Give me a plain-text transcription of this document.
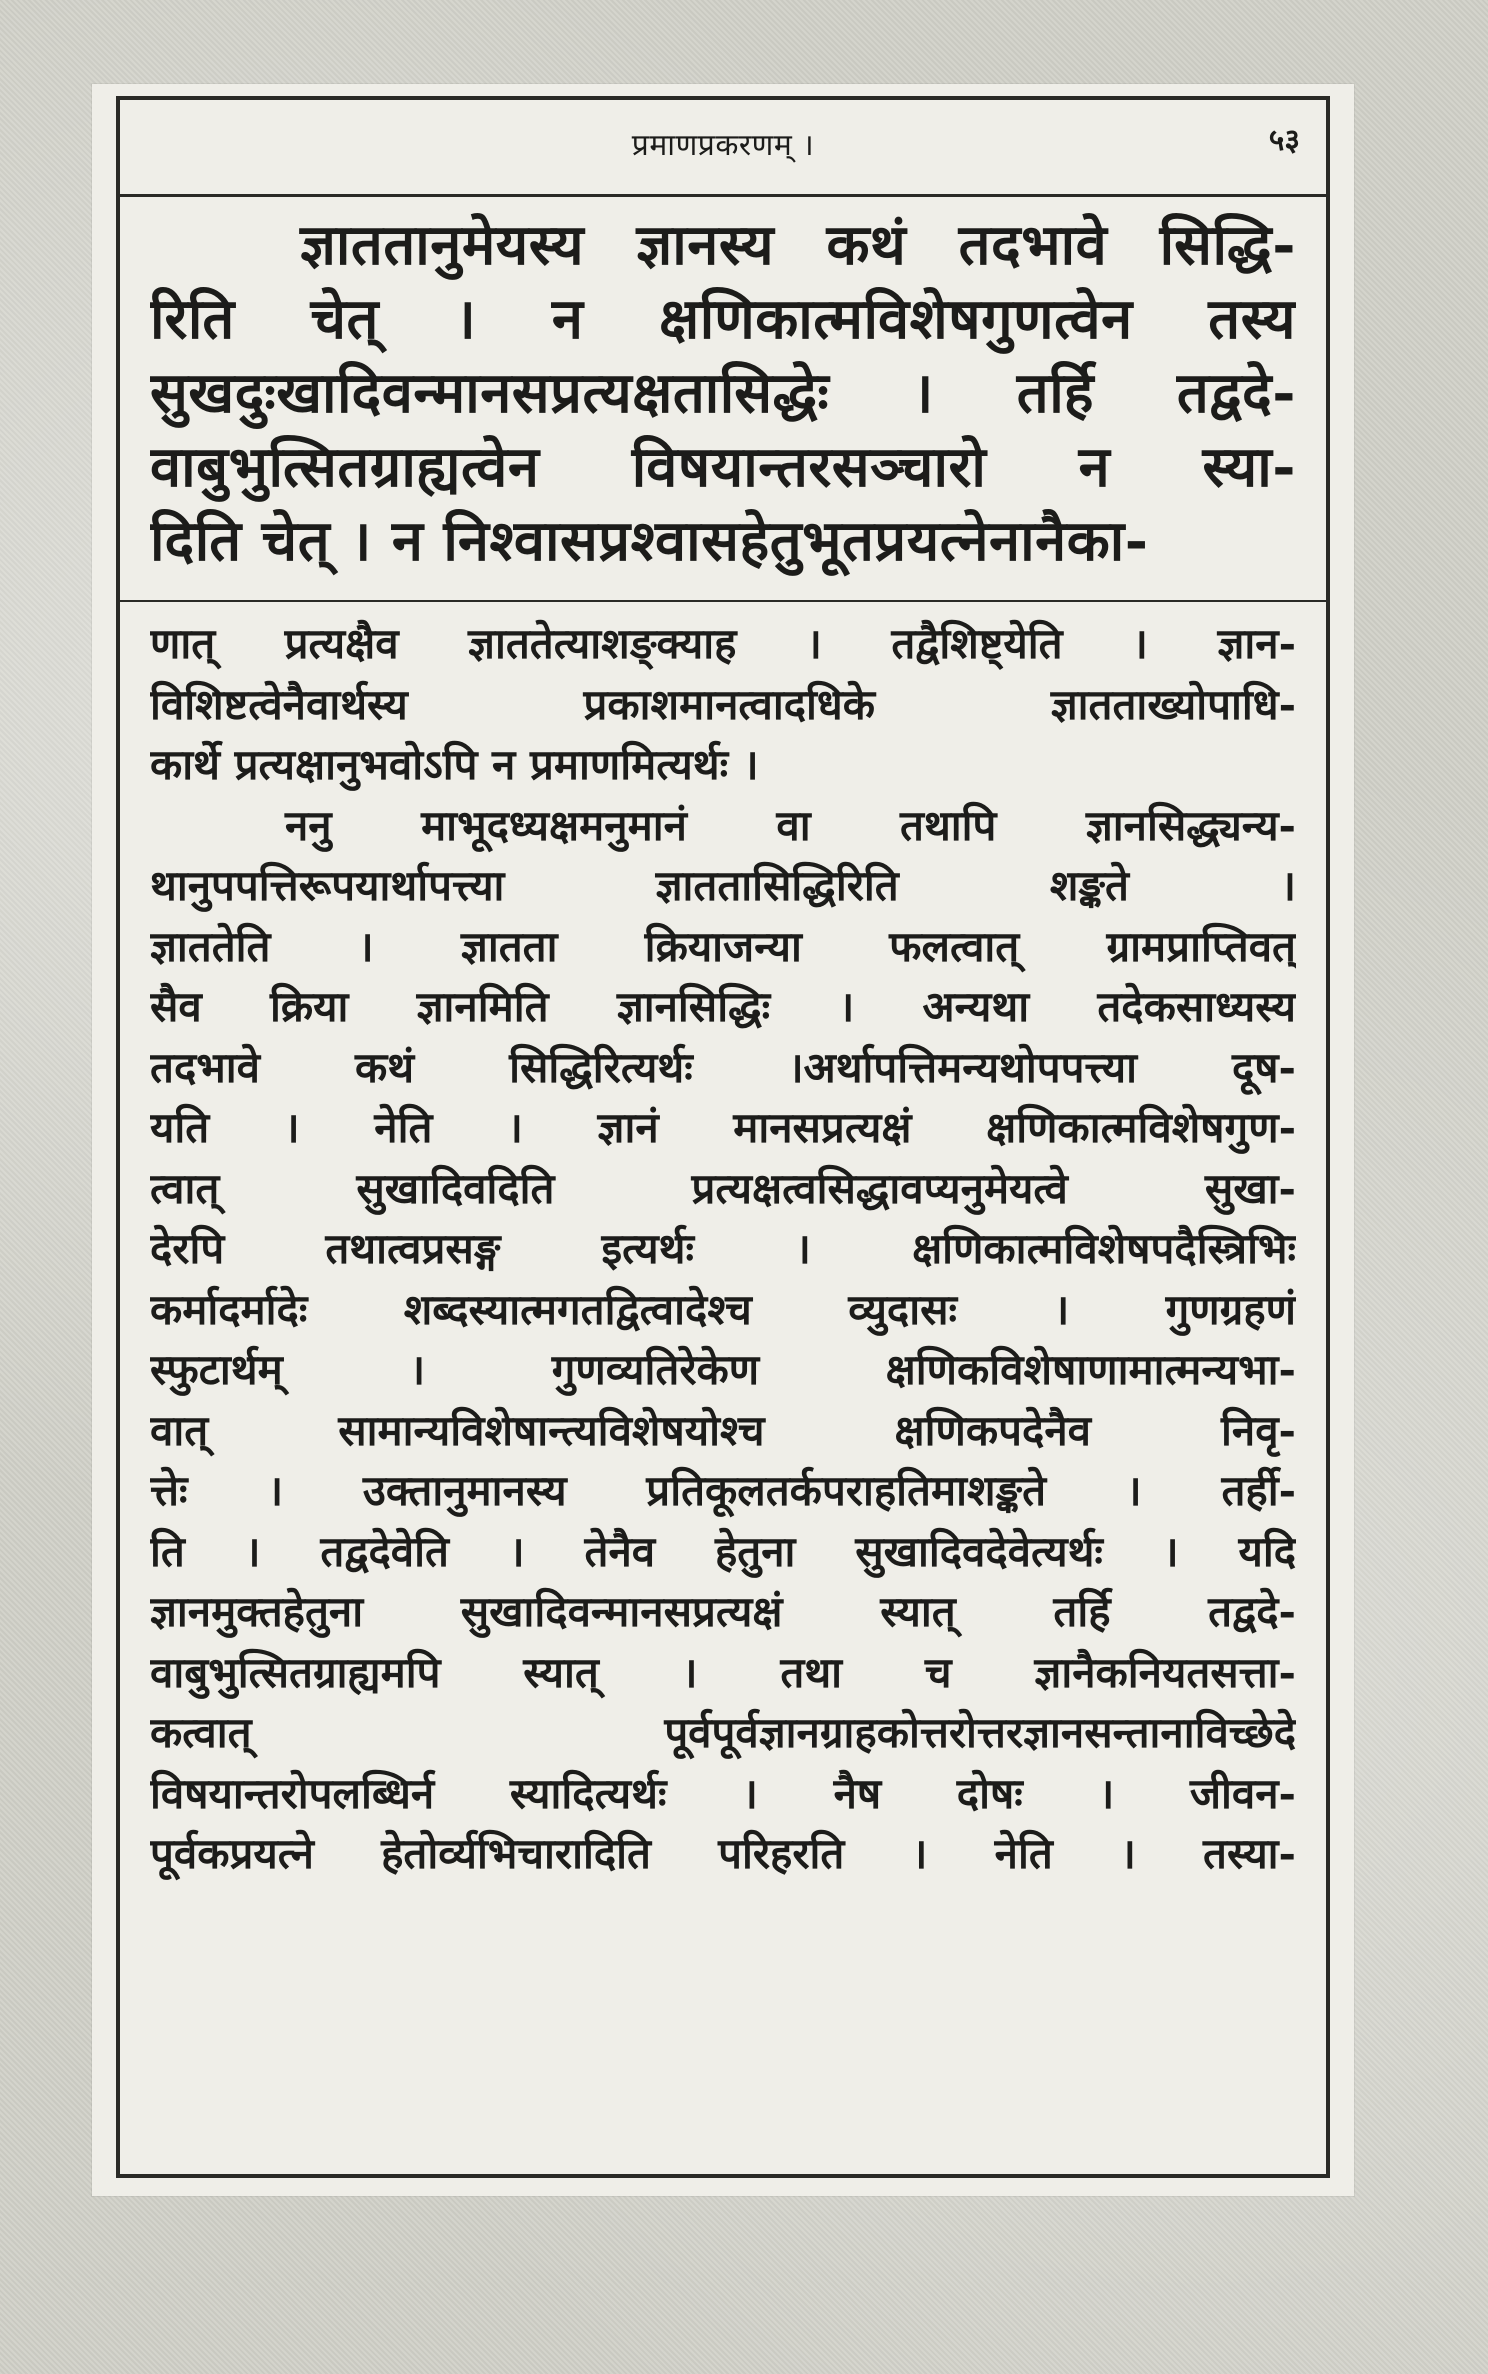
प्रमाणप्रकरणम् ।	५३

ज्ञाततानुमेयस्य ज्ञानस्य कथं तदभावे सिद्धि-

रिति चेत् । न क्षणिकात्मविशेषगुणत्वेन तस्य

सुखदुःखादिवन्मानसप्रत्यक्षतासिद्धेः । तर्हि तद्वदे-

वाबुभुत्सितग्राह्यत्वेन विषयान्तरसञ्चारो न स्या-

दिति चेत् । न निश्वासप्रश्वासहेतुभूतप्रयत्नेनानैका-

णात् प्रत्यक्षैव ज्ञाततेत्याशङ्क्याह । तद्वैशिष्ट्येति । ज्ञान-

विशिष्टत्वेनैवार्थस्य प्रकाशमानत्वादधिके ज्ञातताख्योपाधि-

कार्थे प्रत्यक्षानुभवोऽपि न प्रमाणमित्यर्थः ।

ननु माभूदध्यक्षमनुमानं वा तथापि ज्ञानसिद्ध्यन्य-

थानुपपत्तिरूपयार्थापत्त्या ज्ञाततासिद्धिरिति शङ्कते ।

ज्ञाततेति । ज्ञातता क्रियाजन्या फलत्वात् ग्रामप्राप्तिवत्

सैव क्रिया ज्ञानमिति ज्ञानसिद्धिः । अन्यथा तदेकसाध्यस्य

तदभावे कथं सिद्धिरित्यर्थः ।अर्थापत्तिमन्यथोपपत्त्या दूष-

यति । नेति । ज्ञानं मानसप्रत्यक्षं क्षणिकात्मविशेषगुण-

त्वात् सुखादिवदिति प्रत्यक्षत्वसिद्धावप्यनुमेयत्वे सुखा-

देरपि तथात्वप्रसङ्ग इत्यर्थः । क्षणिकात्मविशेषपदैस्त्रिभिः

कर्मादर्मादेः शब्दस्यात्मगतद्वित्वादेश्च व्युदासः । गुणग्रहणं

स्फुटार्थम् । गुणव्यतिरेकेण क्षणिकविशेषाणामात्मन्यभा-

वात् सामान्यविशेषान्त्यविशेषयोश्च क्षणिकपदेनैव निवृ-

त्तेः । उक्तानुमानस्य प्रतिकूलतर्कपराहतिमाशङ्कते । तर्ही-

ति । तद्वदेवेति । तेनैव हेतुना सुखादिवदेवेत्यर्थः । यदि

ज्ञानमुक्तहेतुना सुखादिवन्मानसप्रत्यक्षं स्यात् तर्हि तद्वदे-

वाबुभुत्सितग्राह्यमपि स्यात् । तथा च ज्ञानैकनियतसत्ता-

कत्वात् पूर्वपूर्वज्ञानग्राहकोत्तरोत्तरज्ञानसन्तानाविच्छेदे

विषयान्तरोपलब्धिर्न स्यादित्यर्थः । नैष दोषः । जीवन-

पूर्वकप्रयत्ने हेतोर्व्यभिचारादिति परिहरति । नेति । तस्या-
